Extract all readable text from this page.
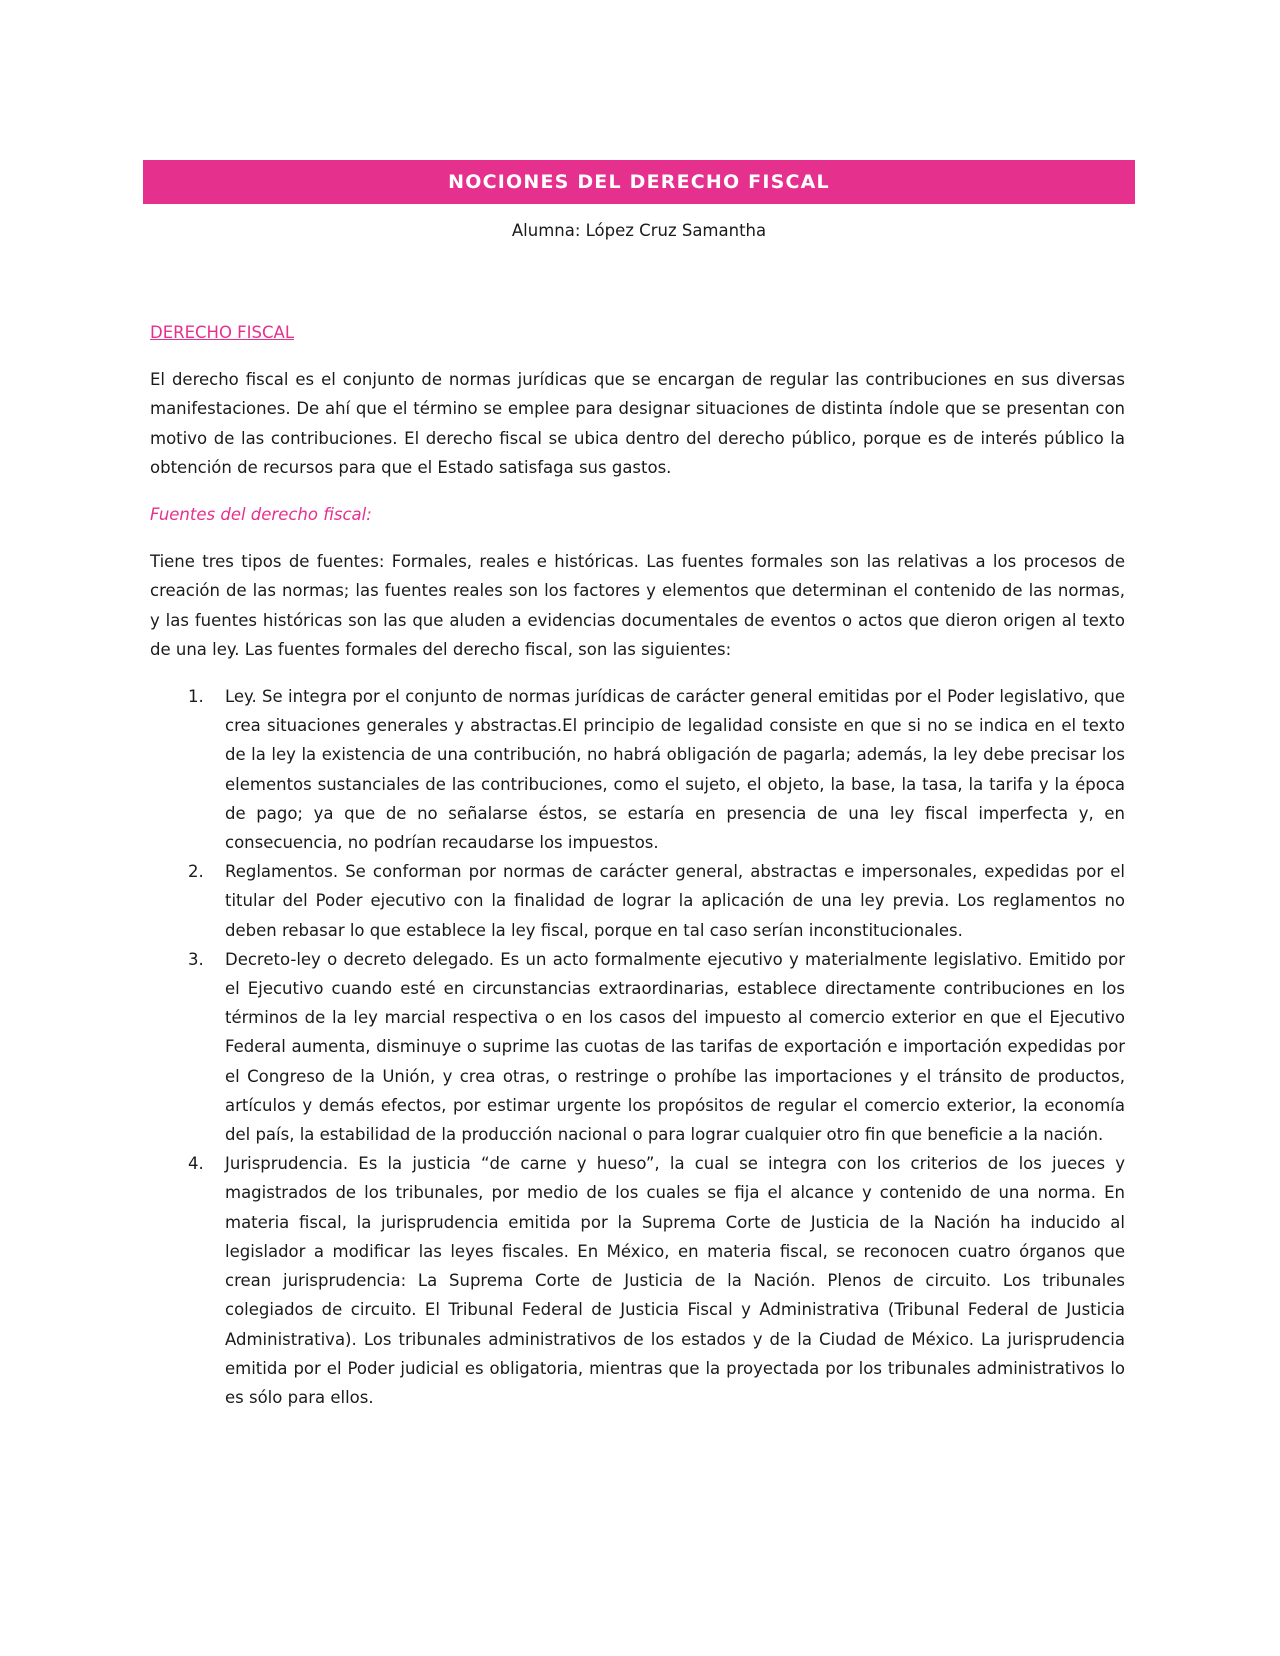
NOCIONES DEL DERECHO FISCAL
Alumna: López Cruz Samantha
DERECHO FISCAL

El derecho fiscal es el conjunto de normas jurídicas que se encargan de regular las contribuciones en sus diversas manifestaciones. De ahí que el término se emplee para designar situaciones de distinta índole que se presentan con motivo de las contribuciones. El derecho fiscal se ubica dentro del derecho público, porque es de interés público la obtención de recursos para que el Estado satisfaga sus gastos.

Fuentes del derecho fiscal:

Tiene tres tipos de fuentes: Formales, reales e históricas. Las fuentes formales son las relativas a los procesos de creación de las normas; las fuentes reales son los factores y elementos que determinan el contenido de las normas, y las fuentes históricas son las que aluden a evidencias documentales de eventos o actos que dieron origen al texto de una ley. Las fuentes formales del derecho fiscal, son las siguientes:

1. Ley. Se integra por el conjunto de normas jurídicas de carácter general emitidas por el Poder legislativo, que crea situaciones generales y abstractas.El principio de legalidad consiste en que si no se indica en el texto de la ley la existencia de una contribución, no habrá obligación de pagarla; además, la ley debe precisar los elementos sustanciales de las contribuciones, como el sujeto, el objeto, la base, la tasa, la tarifa y la época de pago; ya que de no señalarse éstos, se estaría en presencia de una ley fiscal imperfecta y, en consecuencia, no podrían recaudarse los impuestos.
2. Reglamentos. Se conforman por normas de carácter general, abstractas e impersonales, expedidas por el titular del Poder ejecutivo con la finalidad de lograr la aplicación de una ley previa. Los reglamentos no deben rebasar lo que establece la ley fiscal, porque en tal caso serían inconstitucionales.
3. Decreto-ley o decreto delegado. Es un acto formalmente ejecutivo y materialmente legislativo. Emitido por el Ejecutivo cuando esté en circunstancias extraordinarias, establece directamente contribuciones en los términos de la ley marcial respectiva o en los casos del impuesto al comercio exterior en que el Ejecutivo Federal aumenta, disminuye o suprime las cuotas de las tarifas de exportación e importación expedidas por el Congreso de la Unión, y crea otras, o restringe o prohíbe las importaciones y el tránsito de productos, artículos y demás efectos, por estimar urgente los propósitos de regular el comercio exterior, la economía del país, la estabilidad de la producción nacional o para lograr cualquier otro fin que beneficie a la nación.
4. Jurisprudencia. Es la justicia “de carne y hueso”, la cual se integra con los criterios de los jueces y magistrados de los tribunales, por medio de los cuales se fija el alcance y contenido de una norma. En materia fiscal, la jurisprudencia emitida por la Suprema Corte de Justicia de la Nación ha inducido al legislador a modificar las leyes fiscales. En México, en materia fiscal, se reconocen cuatro órganos que crean jurisprudencia: La Suprema Corte de Justicia de la Nación. Plenos de circuito. Los tribunales colegiados de circuito. El Tribunal Federal de Justicia Fiscal y Administrativa (Tribunal Federal de Justicia Administrativa). Los tribunales administrativos de los estados y de la Ciudad de México. La jurisprudencia emitida por el Poder judicial es obligatoria, mientras que la proyectada por los tribunales administrativos lo es sólo para ellos.
